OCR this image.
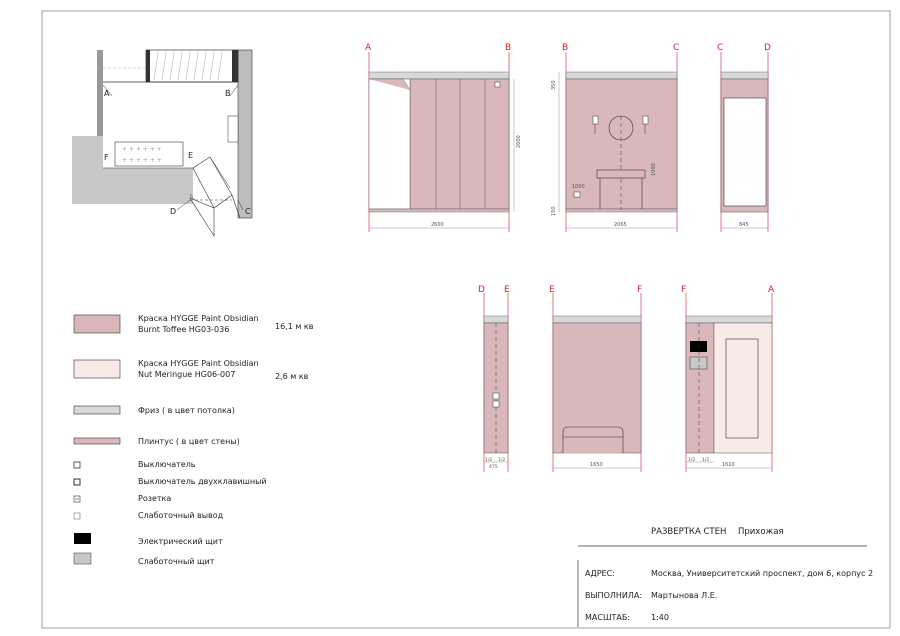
+ + + + + +
+ + + + + +
A	B
C
D
E
F
A	B
2600
2600
B	C
350
1000
1000
150
2065
C	D
845
D E
1/2 1/2
475
E	F
1650
F	A
1/2 1/2
1610
Краска HYGGE Paint Obsidian
Burnt Toffee HG03-036	16,1 м кв
Краска HYGGE Paint Obsidian
Nut Meringue HG06-007	2,6 м кв
Фриз ( в цвет потолка)
Плинтус ( в цвет стены)
Выключатель
Выключатель двухклавишный
Розетка
Слаботочный вывод
Электрический щит
Слаботочный щит
РАЗВЕРТКА СТЕН Прихожая
АДРЕС:	Москва, Университетский проспект, дом 6, корпус 2
ВЫПОЛНИЛА: Мартынова Л.Е.
МАСШТАБ:	1:40
